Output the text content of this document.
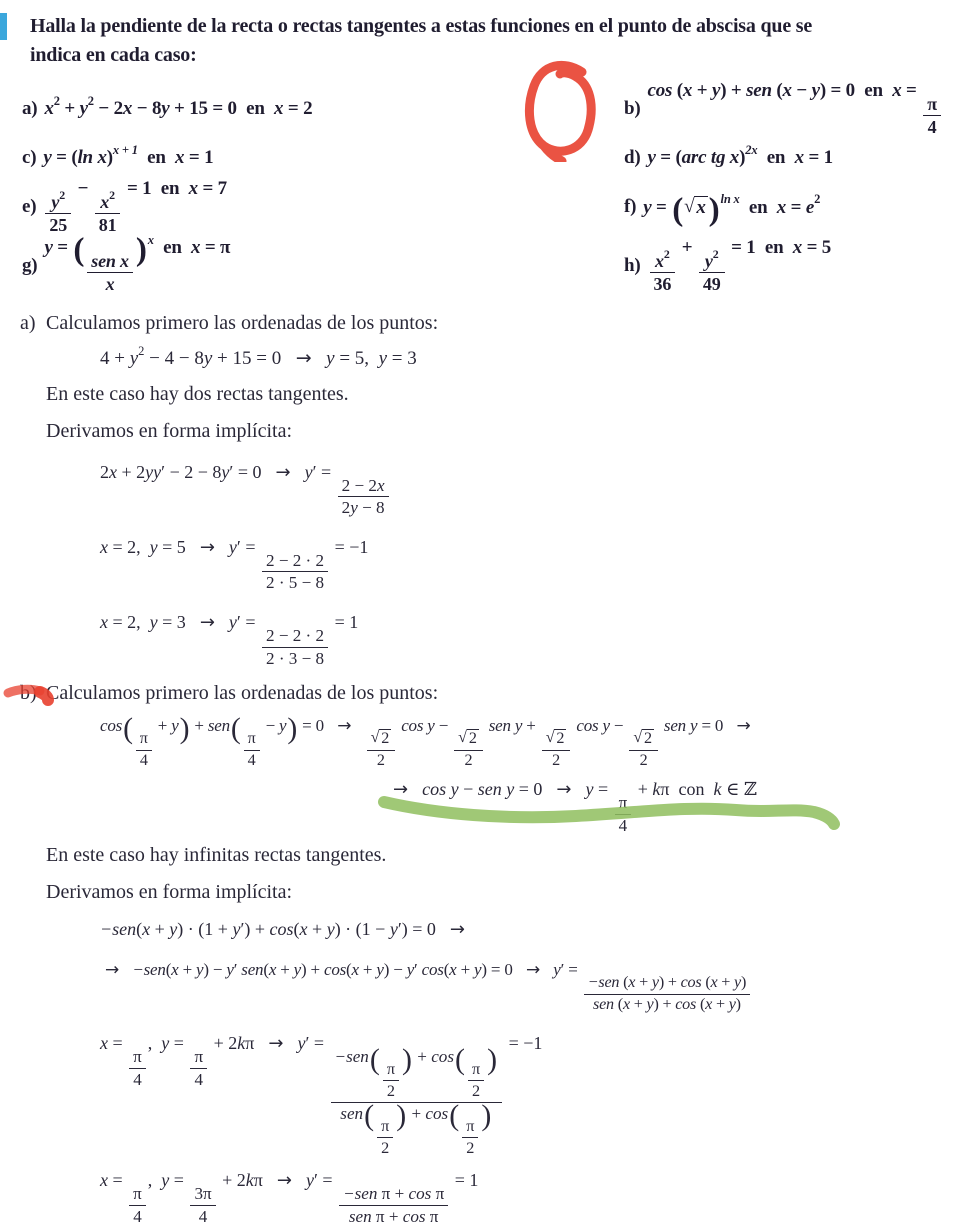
Halla la pendiente de la recta o rectas tangentes a estas funciones en el punto de abscisa que se
indica en cada caso:
a) $x^2 + y^2 - 2x - 8y + 15 = 0$ en x = 2	b)
cos (x + y) + sen (x − y) = 0 en x =
$\frac{\pi}{4}$
c) y = (ln x)$^{x + 1}$ en x = 1	d) y = (arc tg x)$^{2x}$ en x = 1
$e) \frac{y^2}{25}$
−
$\frac{x^2}{81}$
= 1 en x = 7
f) y = ( √ x )$^{ln x}$ en $x = e^2$
g)
y = (
$\frac{\text{sen x}}{x}$
)$^x$ en x = π
$h) \frac{x^2}{36}$
+
$\frac{y^2}{49}$
= 1 en x = 5
a) Calculamos primero las ordenadas de los puntos:
$4 + y^2 - 4 - 8y + 15 = 0$ →  y = 5, y = 3
En este caso hay dos rectas tangentes.
Derivamos en forma implícita:
2x + 2yy′ − 2 − 8y′ = 0 →  y′ =
$\frac{2 - 2x}{2y - 8}$
x = 2, y = 5 →  y′ =
$\frac{2 - 2 \cdot 2}{2 \cdot 5 - 8}$
= −1
x = 2, y = 3 →  y′ =
$\frac{2 - 2 \cdot 2}{2 \cdot 3 - 8}$
= 1
b) Calculamos primero las ordenadas de los puntos:
cos(
$\frac{\pi}{4}$
+ y) + sen(
$\frac{\pi}{4}$
− y) = 0 → 
$\frac{√ 2}{2}$
cos y −
$\frac{√ 2}{2}$
sen y +
$\frac{√ 2}{2}$
cos y −
$\frac{√ 2}{2}$
sen y = 0 →
→  cos y − sen y = 0 →  y =
$\frac{\pi}{4}$
+ kπ con k ∈ ℤ
En este caso hay infinitas rectas tangentes.
Derivamos en forma implícita:
−sen(x + y) · (1 + y′) + cos(x + y) · (1 − y′) = 0 →
→  −sen(x + y) − y′ sen(x + y) + cos(x + y) − y′ cos(x + y) = 0 →  y′ =
$\frac{\text{−sen (x + y) + cos (x + y)}}{\text{sen (x + y) + cos (x + y)}}$
x =
$\frac{\pi}{4}$
, y =
$\frac{\pi}{4}$
+ 2kπ →  y′ =
−sen(
$\frac{\pi}{2}$
) + cos(
$\frac{\pi}{2}$
)
sen(
$\frac{\pi}{2}$
) + cos(
$\frac{\pi}{2}$
)
= −1
x =
$\frac{\pi}{4}$
, y =
$\frac{3\pi}{4}$
+ 2kπ →  y′ =
$\frac{\text{−sen π + cos π}}{\text{sen π + cos π}}$
= 1
